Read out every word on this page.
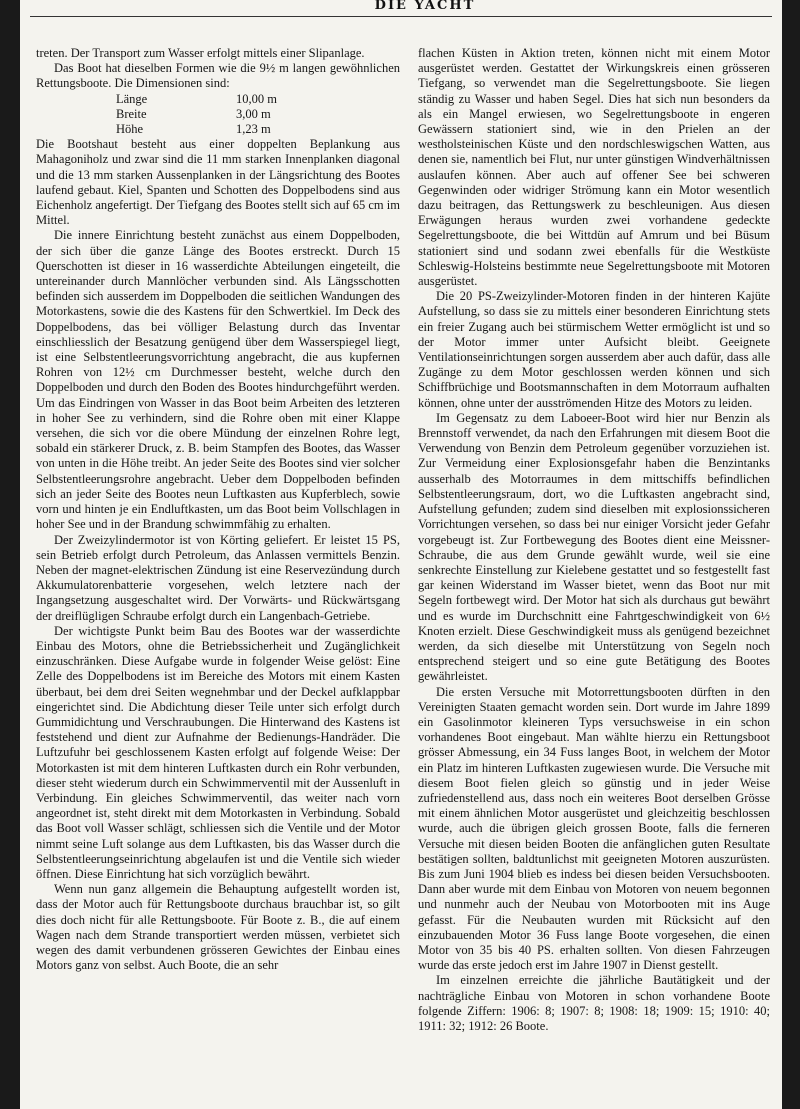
DIE YACHT

treten. Der Transport zum Wasser erfolgt mittels einer Slipanlage.

Das Boot hat dieselben Formen wie die 9½ m langen gewöhnlichen Rettungsboote. Die Dimensionen sind:

Länge	10,00 m
Breite	3,00 m
Höhe	1,23 m

Die Bootshaut besteht aus einer doppelten Beplankung aus Mahagoniholz und zwar sind die 11 mm starken Innenplanken diagonal und die 13 mm starken Aussenplanken in der Längsrichtung des Bootes laufend gebaut. Kiel, Spanten und Schotten des Doppelbodens sind aus Eichenholz angefertigt. Der Tiefgang des Bootes stellt sich auf 65 cm im Mittel.

Die innere Einrichtung besteht zunächst aus einem Doppelboden, der sich über die ganze Länge des Bootes erstreckt. Durch 15 Querschotten ist dieser in 16 wasserdichte Abteilungen eingeteilt, die untereinander durch Mannlöcher verbunden sind. Als Längsschotten befinden sich ausserdem im Doppelboden die seitlichen Wandungen des Motorkastens, sowie die des Kastens für den Schwertkiel. Im Deck des Doppelbodens, das bei völliger Belastung durch das Inventar einschliesslich der Besatzung genügend über dem Wasserspiegel liegt, ist eine Selbstentleerungsvorrichtung angebracht, die aus kupfernen Rohren von 12½ cm Durchmesser besteht, welche durch den Doppelboden und durch den Boden des Bootes hindurchgeführt werden. Um das Eindringen von Wasser in das Boot beim Arbeiten des letzteren in hoher See zu verhindern, sind die Rohre oben mit einer Klappe versehen, die sich vor die obere Mündung der einzelnen Rohre legt, sobald ein stärkerer Druck, z. B. beim Stampfen des Bootes, das Wasser von unten in die Höhe treibt. An jeder Seite des Bootes sind vier solcher Selbstentleerungsrohre angebracht. Ueber dem Doppelboden befinden sich an jeder Seite des Bootes neun Luftkasten aus Kupferblech, sowie vorn und hinten je ein Endluftkasten, um das Boot beim Vollschlagen in hoher See und in der Brandung schwimmfähig zu erhalten.

Der Zweizylindermotor ist von Körting geliefert. Er leistet 15 PS, sein Betrieb erfolgt durch Petroleum, das Anlassen vermittels Benzin. Neben der magnet-elektrischen Zündung ist eine Reservezündung durch Akkumulatorenbatterie vorgesehen, welch letztere nach der Ingangsetzung ausgeschaltet wird. Der Vorwärts- und Rückwärtsgang der dreiflügligen Schraube erfolgt durch ein Langenbach-Getriebe.

Der wichtigste Punkt beim Bau des Bootes war der wasserdichte Einbau des Motors, ohne die Betriebssicherheit und Zugänglichkeit einzuschränken. Diese Aufgabe wurde in folgender Weise gelöst: Eine Zelle des Doppelbodens ist im Bereiche des Motors mit einem Kasten überbaut, bei dem drei Seiten wegnehmbar und der Deckel aufklappbar eingerichtet sind. Die Abdichtung dieser Teile unter sich erfolgt durch Gummidichtung und Verschraubungen. Die Hinterwand des Kastens ist feststehend und dient zur Aufnahme der Bedienungs-Handräder. Die Luftzufuhr bei geschlossenem Kasten erfolgt auf folgende Weise: Der Motorkasten ist mit dem hinteren Luftkasten durch ein Rohr verbunden, dieser steht wiederum durch ein Schwimmerventil mit der Aussenluft in Verbindung. Ein gleiches Schwimmerventil, das weiter nach vorn angeordnet ist, steht direkt mit dem Motorkasten in Verbindung. Sobald das Boot voll Wasser schlägt, schliessen sich die Ventile und der Motor nimmt seine Luft solange aus dem Luftkasten, bis das Wasser durch die Selbstentleerungseinrichtung abgelaufen ist und die Ventile sich wieder öffnen. Diese Einrichtung hat sich vorzüglich bewährt.

Wenn nun ganz allgemein die Behauptung aufgestellt worden ist, dass der Motor auch für Rettungsboote durchaus brauchbar ist, so gilt dies doch nicht für alle Rettungsboote. Für Boote z. B., die auf einem Wagen nach dem Strande transportiert werden müssen, verbietet sich wegen des damit verbundenen grösseren Gewichtes der Einbau eines Motors ganz von selbst. Auch Boote, die an sehr

flachen Küsten in Aktion treten, können nicht mit einem Motor ausgerüstet werden. Gestattet der Wirkungskreis einen grösseren Tiefgang, so verwendet man die Segelrettungsboote. Sie liegen ständig zu Wasser und haben Segel. Dies hat sich nun besonders da als ein Mangel erwiesen, wo Segelrettungsboote in engeren Gewässern stationiert sind, wie in den Prielen an der westholsteinischen Küste und den nordschleswigschen Watten, aus denen sie, namentlich bei Flut, nur unter günstigen Windverhältnissen auslaufen können. Aber auch auf offener See bei schweren Gegenwinden oder widriger Strömung kann ein Motor wesentlich dazu beitragen, das Rettungswerk zu beschleunigen. Aus diesen Erwägungen heraus wurden zwei vorhandene gedeckte Segelrettungsboote, die bei Wittdün auf Amrum und bei Büsum stationiert sind und sodann zwei ebenfalls für die Westküste Schleswig-Holsteins bestimmte neue Segelrettungsboote mit Motoren ausgerüstet.

Die 20 PS-Zweizylinder-Motoren finden in der hinteren Kajüte Aufstellung, so dass sie zu mittels einer besonderen Einrichtung stets ein freier Zugang auch bei stürmischem Wetter ermöglicht ist und so der Motor immer unter Aufsicht bleibt. Geeignete Ventilationseinrichtungen sorgen ausserdem aber auch dafür, dass alle Zugänge zu dem Motor geschlossen werden können und sich Schiffbrüchige und Bootsmannschaften in dem Motorraum aufhalten können, ohne unter der ausströmenden Hitze des Motors zu leiden.

Im Gegensatz zu dem Laboeer-Boot wird hier nur Benzin als Brennstoff verwendet, da nach den Erfahrungen mit diesem Boot die Verwendung von Benzin dem Petroleum gegenüber vorzuziehen ist. Zur Vermeidung einer Explosionsgefahr haben die Benzintanks ausserhalb des Motorraumes in dem mittschiffs befindlichen Selbstentleerungsraum, dort, wo die Luftkasten angebracht sind, Aufstellung gefunden; zudem sind dieselben mit explosionssicheren Vorrichtungen versehen, so dass bei nur einiger Vorsicht jeder Gefahr vorgebeugt ist. Zur Fortbewegung des Bootes dient eine Meissner-Schraube, die aus dem Grunde gewählt wurde, weil sie eine senkrechte Einstellung zur Kielebene gestattet und so festgestellt fast gar keinen Widerstand im Wasser bietet, wenn das Boot nur mit Segeln fortbewegt wird. Der Motor hat sich als durchaus gut bewährt und es wurde im Durchschnitt eine Fahrtgeschwindigkeit von 6½ Knoten erzielt. Diese Geschwindigkeit muss als genügend bezeichnet werden, da sich dieselbe mit Unterstützung von Segeln noch entsprechend steigert und so eine gute Betätigung des Bootes gewährleistet.

Die ersten Versuche mit Motorrettungsbooten dürften in den Vereinigten Staaten gemacht worden sein. Dort wurde im Jahre 1899 ein Gasolinmotor kleineren Typs versuchsweise in ein schon vorhandenes Boot eingebaut. Man wählte hierzu ein Rettungsboot grösser Abmessung, ein 34 Fuss langes Boot, in welchem der Motor ein Platz im hinteren Luftkasten zugewiesen wurde. Die Versuche mit diesem Boot fielen gleich so günstig und in jeder Weise zufriedenstellend aus, dass noch ein weiteres Boot derselben Grösse mit einem ähnlichen Motor ausgerüstet und gleichzeitig beschlossen wurde, auch die übrigen gleich grossen Boote, falls die ferneren Versuche mit diesen beiden Booten die anfänglichen guten Resultate bestätigen sollten, baldtunlichst mit geeigneten Motoren auszurüsten. Bis zum Juni 1904 blieb es indess bei diesen beiden Versuchsbooten. Dann aber wurde mit dem Einbau von Motoren von neuem begonnen und nunmehr auch der Neubau von Motorbooten mit ins Auge gefasst. Für die Neubauten wurden mit Rücksicht auf den einzubauenden Motor 36 Fuss lange Boote vorgesehen, die einen Motor von 35 bis 40 PS. erhalten sollten. Von diesen Fahrzeugen wurde das erste jedoch erst im Jahre 1907 in Dienst gestellt.

Im einzelnen erreichte die jährliche Bautätigkeit und der nachträgliche Einbau von Motoren in schon vorhandene Boote folgende Ziffern: 1906: 8; 1907: 8; 1908: 18; 1909: 15; 1910: 40; 1911: 32; 1912: 26 Boote.
